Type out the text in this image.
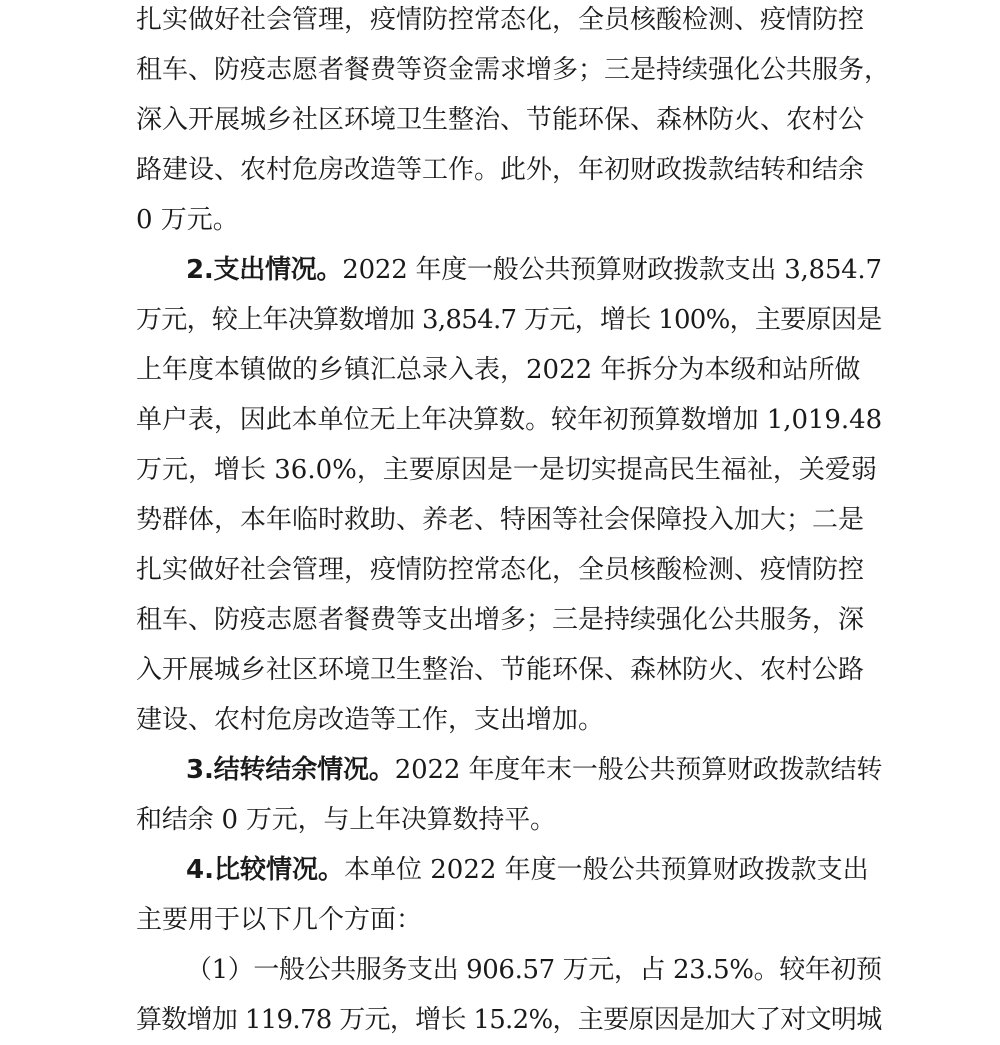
扎实做好社会管理，疫情防控常态化，全员核酸检测、疫情防控
租车、防疫志愿者餐费等资金需求增多；三是持续强化公共服务，
深入开展城乡社区环境卫生整治、节能环保、森林防火、农村公
路建设、农村危房改造等工作。此外，年初财政拨款结转和结余
0 万元。
2.支出情况。2022 年度一般公共预算财政拨款支出 3,854.7
万元，较上年决算数增加 3,854.7 万元，增长 100%，主要原因是
上年度本镇做的乡镇汇总录入表，2022 年拆分为本级和站所做
单户表，因此本单位无上年决算数。较年初预算数增加 1,019.48
万元，增长 36.0%，主要原因是一是切实提高民生福祉，关爱弱
势群体，本年临时救助、养老、特困等社会保障投入加大；二是
扎实做好社会管理，疫情防控常态化，全员核酸检测、疫情防控
租车、防疫志愿者餐费等支出增多；三是持续强化公共服务，深
入开展城乡社区环境卫生整治、节能环保、森林防火、农村公路
建设、农村危房改造等工作，支出增加。
3.结转结余情况。2022 年度年末一般公共预算财政拨款结转
和结余 0 万元，与上年决算数持平。
4.比较情况。本单位 2022 年度一般公共预算财政拨款支出
主要用于以下几个方面：
（1）一般公共服务支出 906.57 万元，占 23.5%。较年初预
算数增加 119.78 万元，增长 15.2%，主要原因是加大了对文明城
